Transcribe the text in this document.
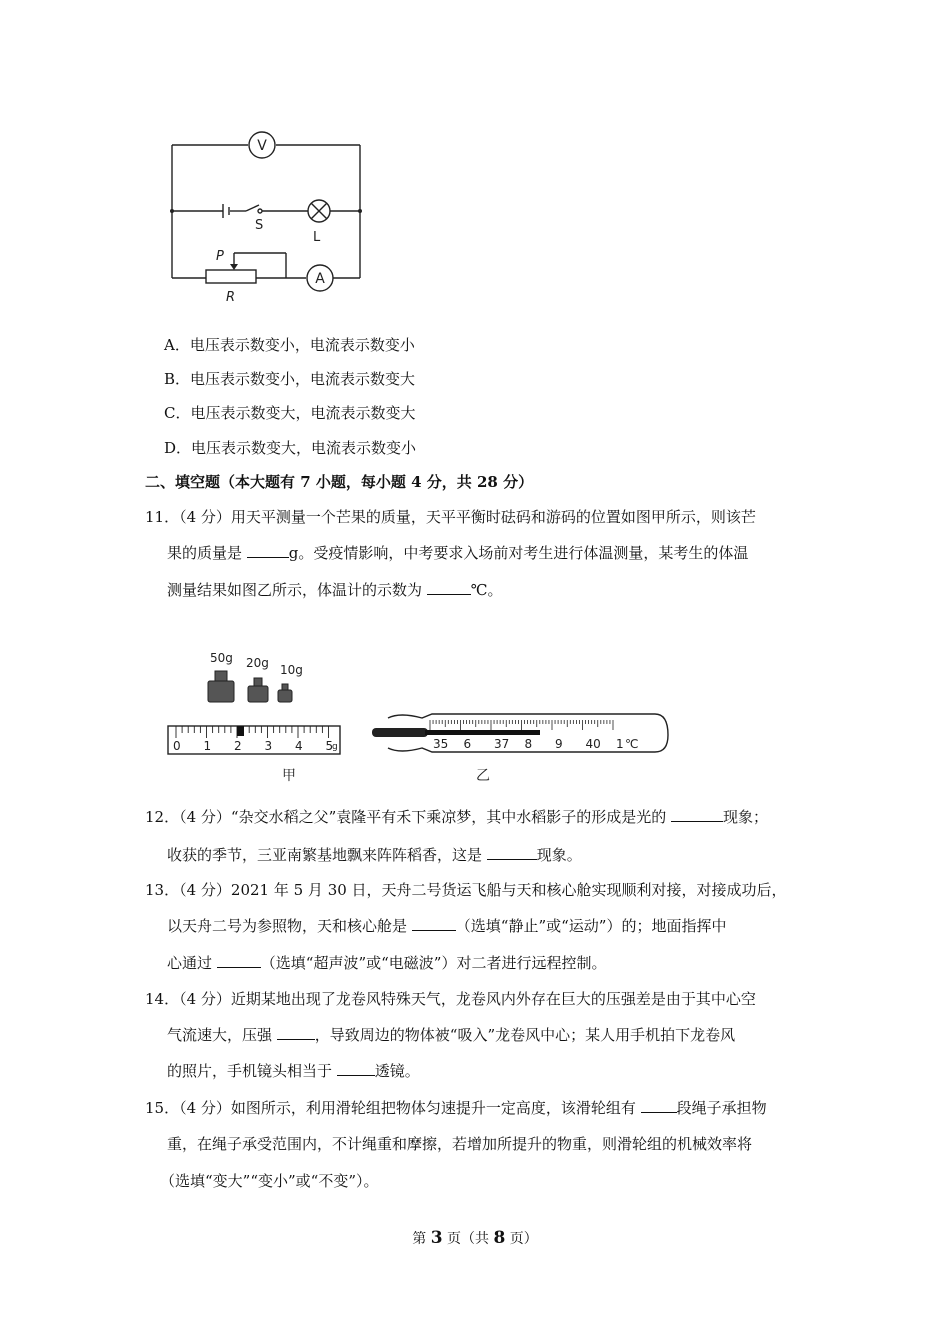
V
A
S
L
P
R
A．电压表示数变小，电流表示数变小
B．电压表示数变小，电流表示数变大
C．电压表示数变大，电流表示数变大
D．电压表示数变大，电流表示数变小
二、填空题（本大题有 7 小题，每小题 4 分，共 28 分）
11．（4 分）用天平测量一个芒果的质量，天平平衡时砝码和游码的位置如图甲所示，则该芒
果的质量是	g。受疫情影响，中考要求入场前对考生进行体温测量，某考生的体温
测量结果如图乙所示，体温计的示数为	℃。
50g 20g 10g
0 1 2 3 4 5
g	35 6 37 8 9 40 1 ℃
甲	乙
12．（4 分）“杂交水稻之父”袁隆平有禾下乘凉梦，其中水稻影子的形成是光的	现象；
收获的季节，三亚南繁基地飘来阵阵稻香，这是	现象。
13．（4 分）2021 年 5 月 30 日，天舟二号货运飞船与天和核心舱实现顺利对接，对接成功后，
以天舟二号为参照物，天和核心舱是	（选填“静止”或“运动”）的；地面指挥中
心通过	（选填“超声波”或“电磁波”）对二者进行远程控制。
14．（4 分）近期某地出现了龙卷风特殊天气，龙卷风内外存在巨大的压强差是由于其中心空
气流速大，压强	，导致周边的物体被“吸入”龙卷风中心；某人用手机拍下龙卷风
的照片，手机镜头相当于	透镜。
15．（4 分）如图所示，利用滑轮组把物体匀速提升一定高度，该滑轮组有 段绳子承担物
重，在绳子承受范围内，不计绳重和摩擦，若增加所提升的物重，则滑轮组的机械效率将
（选填“变大”“变小”或“不变”）。
第 3 页（共 8 页）
